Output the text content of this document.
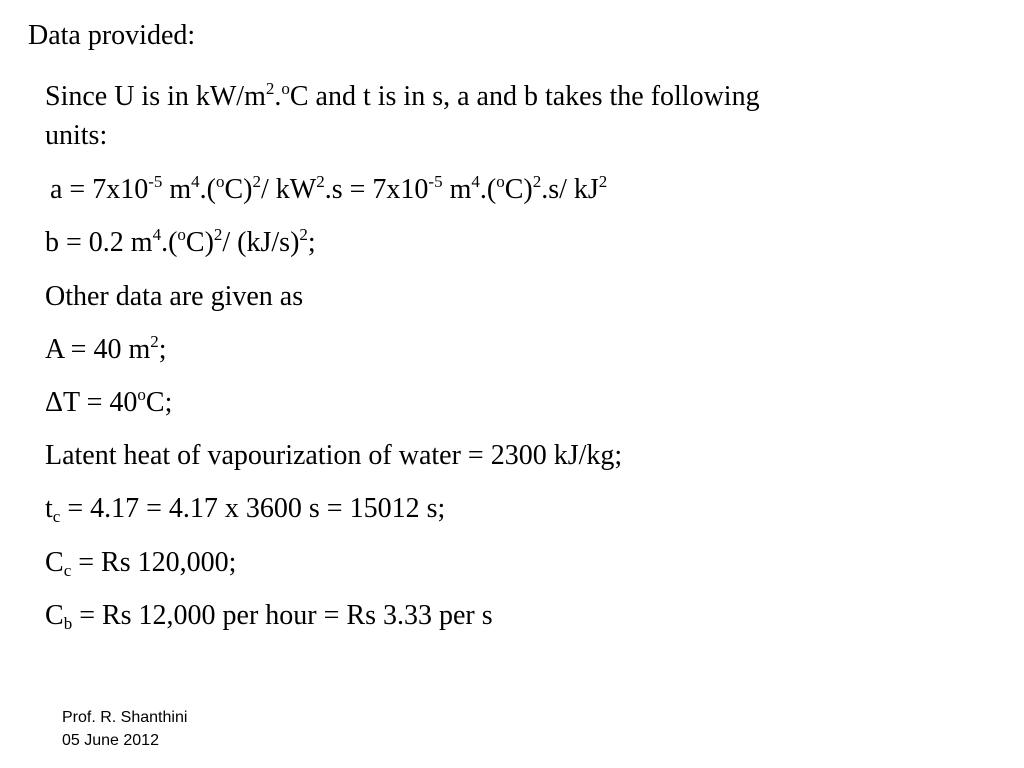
Data provided:
Since U is in $kW/m^2.^oC$ and t is in s, a and b takes the following
units:
$a = 7x10^{-5}$ $m^4.(^oC)^2/$ $kW^2.s = 7x10^{-5}$ $m^4.(^oC)^2.s/$ $kJ^2$
b = 0.2 $m^4.(^oC)^2/$ $(kJ/s)^2$;
Other data are given as
A = 40 $m^2$;
$\Delta T = 40^oC$;
Latent heat of vapourization of water = 2300 kJ/kg;
$t_c = 4.17 = 4.17$ x 3600 s = 15012 s;
$C_c = Rs$ 120,000;
$C_b = Rs$ 12,000 per hour = Rs 3.33 per s
Prof. R. Shanthini
05 June 2012
